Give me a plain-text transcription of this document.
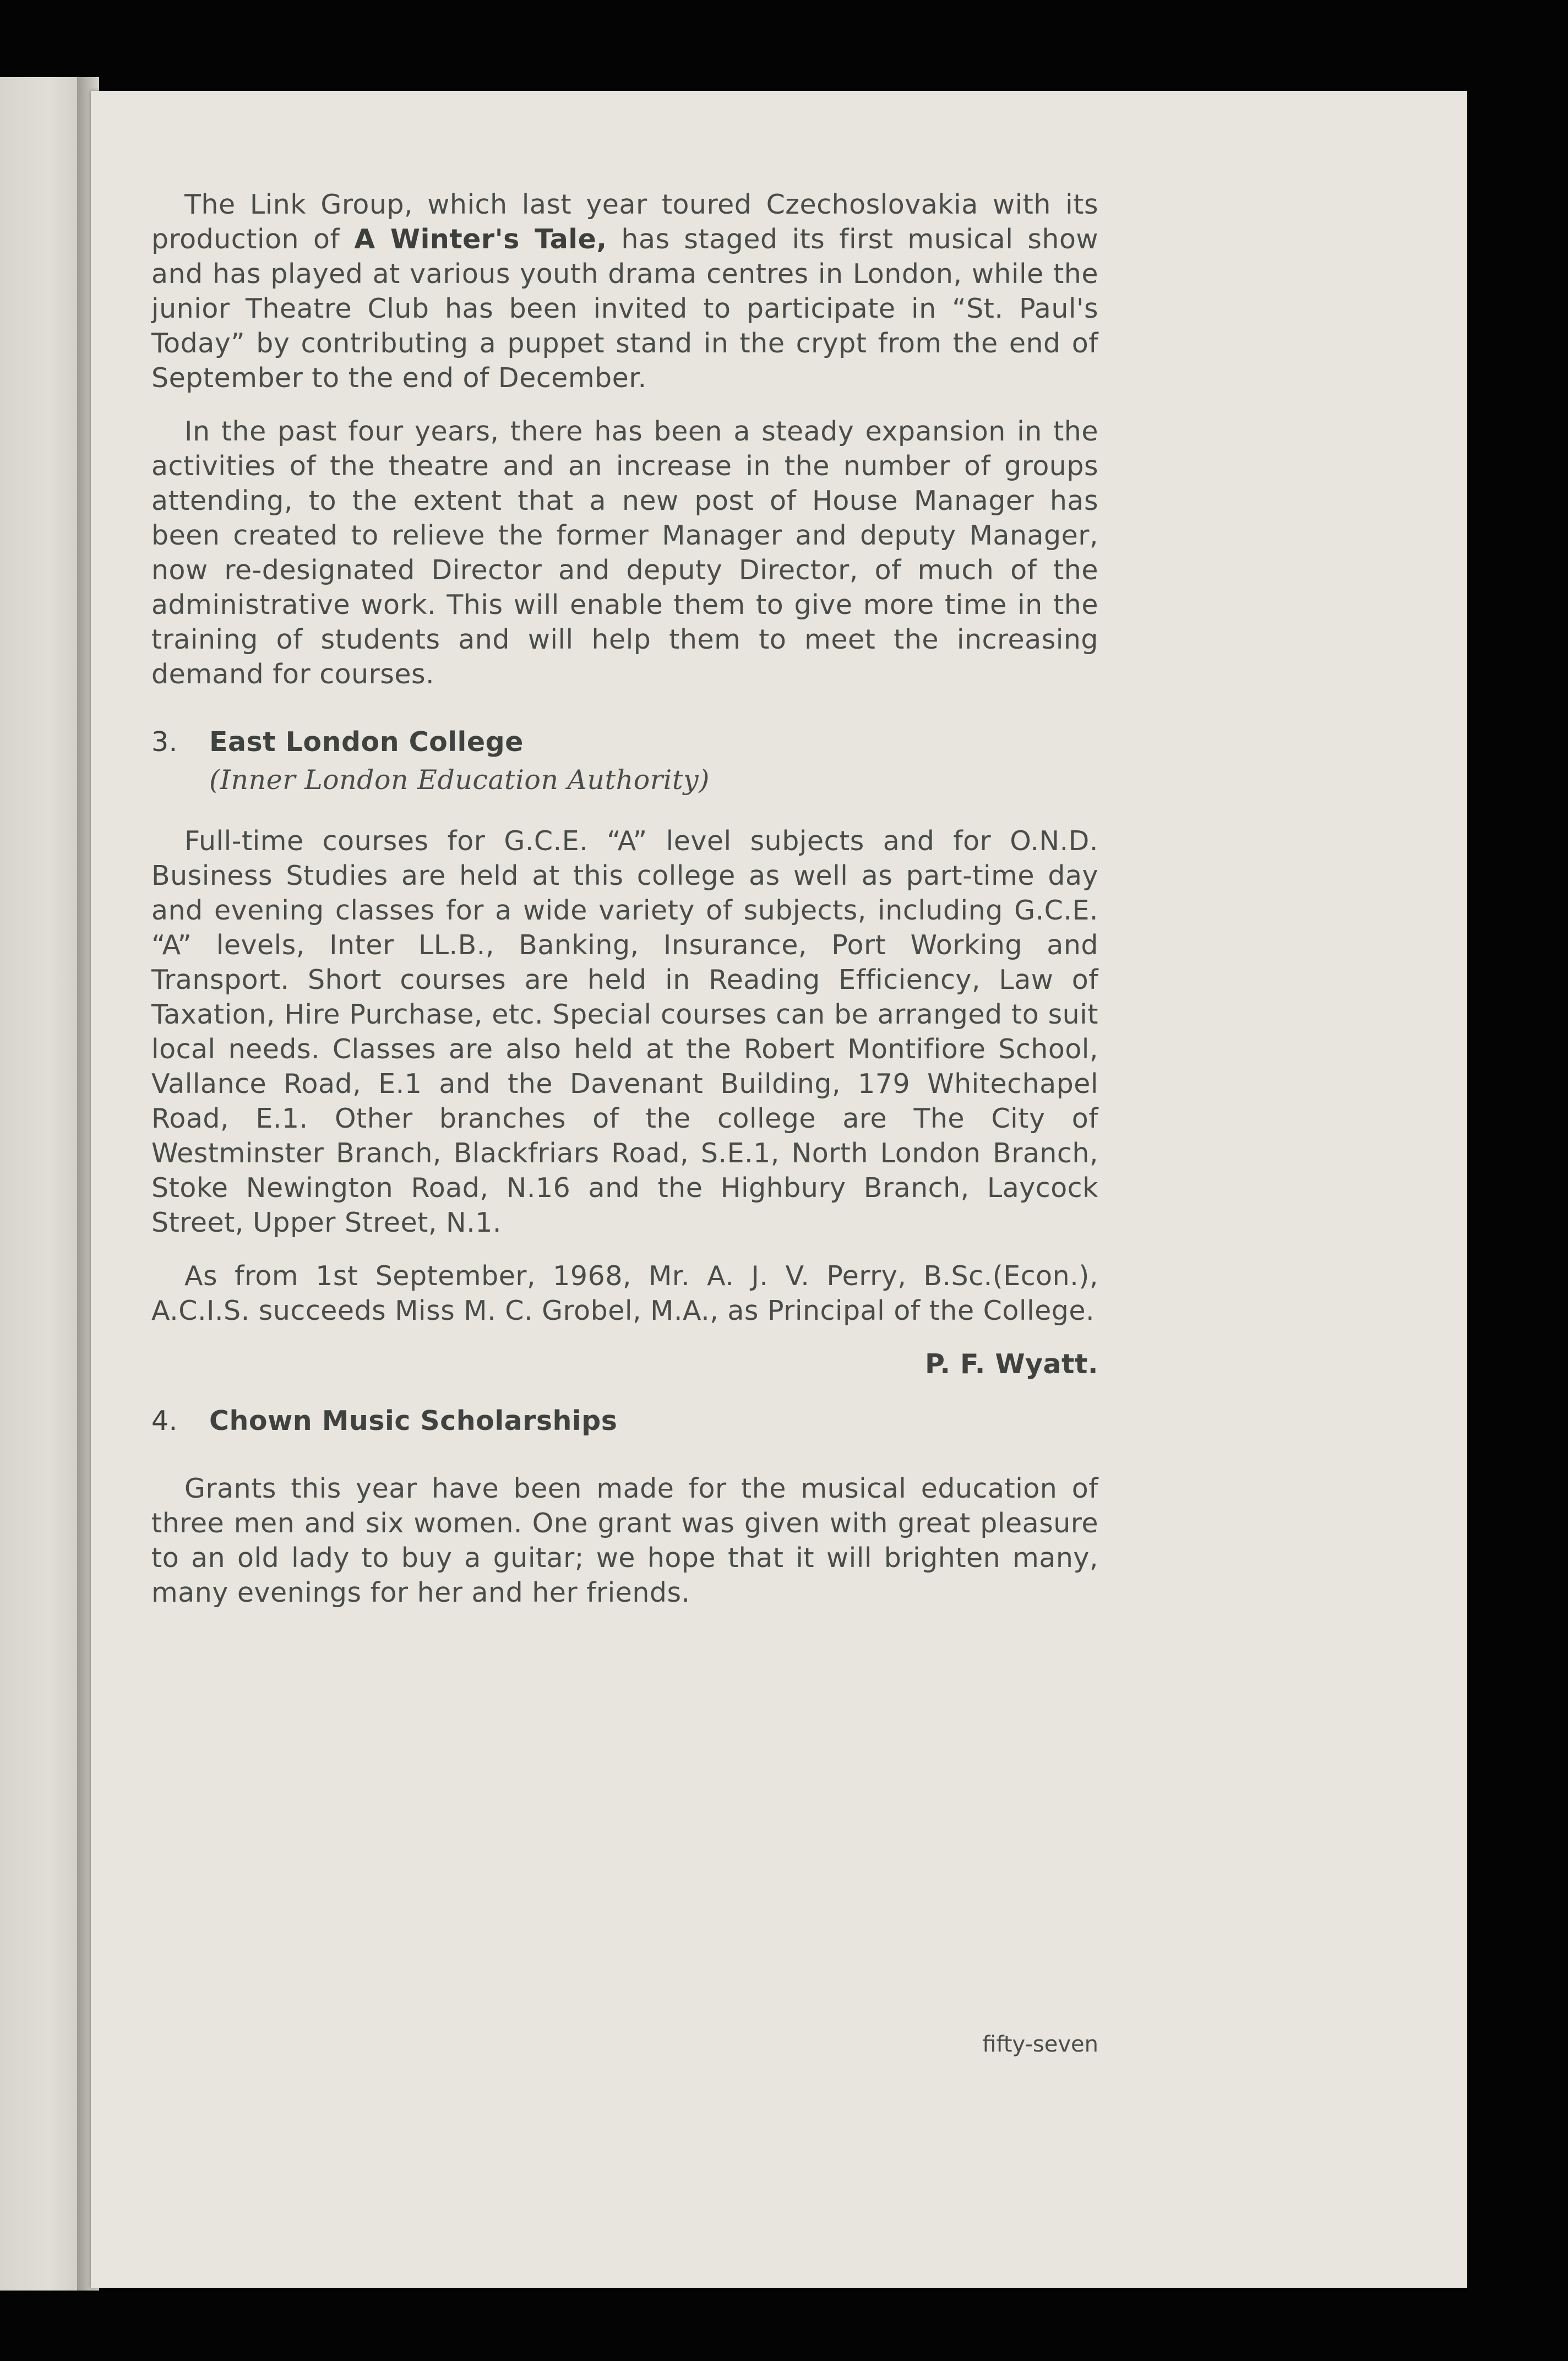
The Link Group, which last year toured Czechoslovakia with its production of A Winter's Tale, has staged its first musical show and has played at various youth drama centres in London, while the junior Theatre Club has been invited to participate in “St. Paul's Today” by contributing a puppet stand in the crypt from the end of September to the end of December.

In the past four years, there has been a steady expansion in the activities of the theatre and an increase in the number of groups attending, to the extent that a new post of House Manager has been created to relieve the former Manager and deputy Manager, now re-designated Director and deputy Director, of much of the administrative work. This will enable them to give more time in the training of students and will help them to meet the increasing demand for courses.

3. East London College
(Inner London Education Authority)

Full-time courses for G.C.E. “A” level subjects and for O.N.D. Business Studies are held at this college as well as part-time day and evening classes for a wide variety of subjects, including G.C.E. “A” levels, Inter LL.B., Banking, Insurance, Port Working and Transport. Short courses are held in Reading Efficiency, Law of Taxation, Hire Purchase, etc. Special courses can be arranged to suit local needs. Classes are also held at the Robert Montifiore School, Vallance Road, E.1 and the Davenant Building, 179 Whitechapel Road, E.1. Other branches of the college are The City of Westminster Branch, Blackfriars Road, S.E.1, North London Branch, Stoke Newington Road, N.16 and the Highbury Branch, Laycock Street, Upper Street, N.1.

As from 1st September, 1968, Mr. A. J. V. Perry, B.Sc.(Econ.), A.C.I.S. succeeds Miss M. C. Grobel, M.A., as Principal of the College.

P. F. Wyatt.
4. Chown Music Scholarships

Grants this year have been made for the musical education of three men and six women. One grant was given with great pleasure to an old lady to buy a guitar; we hope that it will brighten many, many evenings for her and her friends.

fifty-seven
